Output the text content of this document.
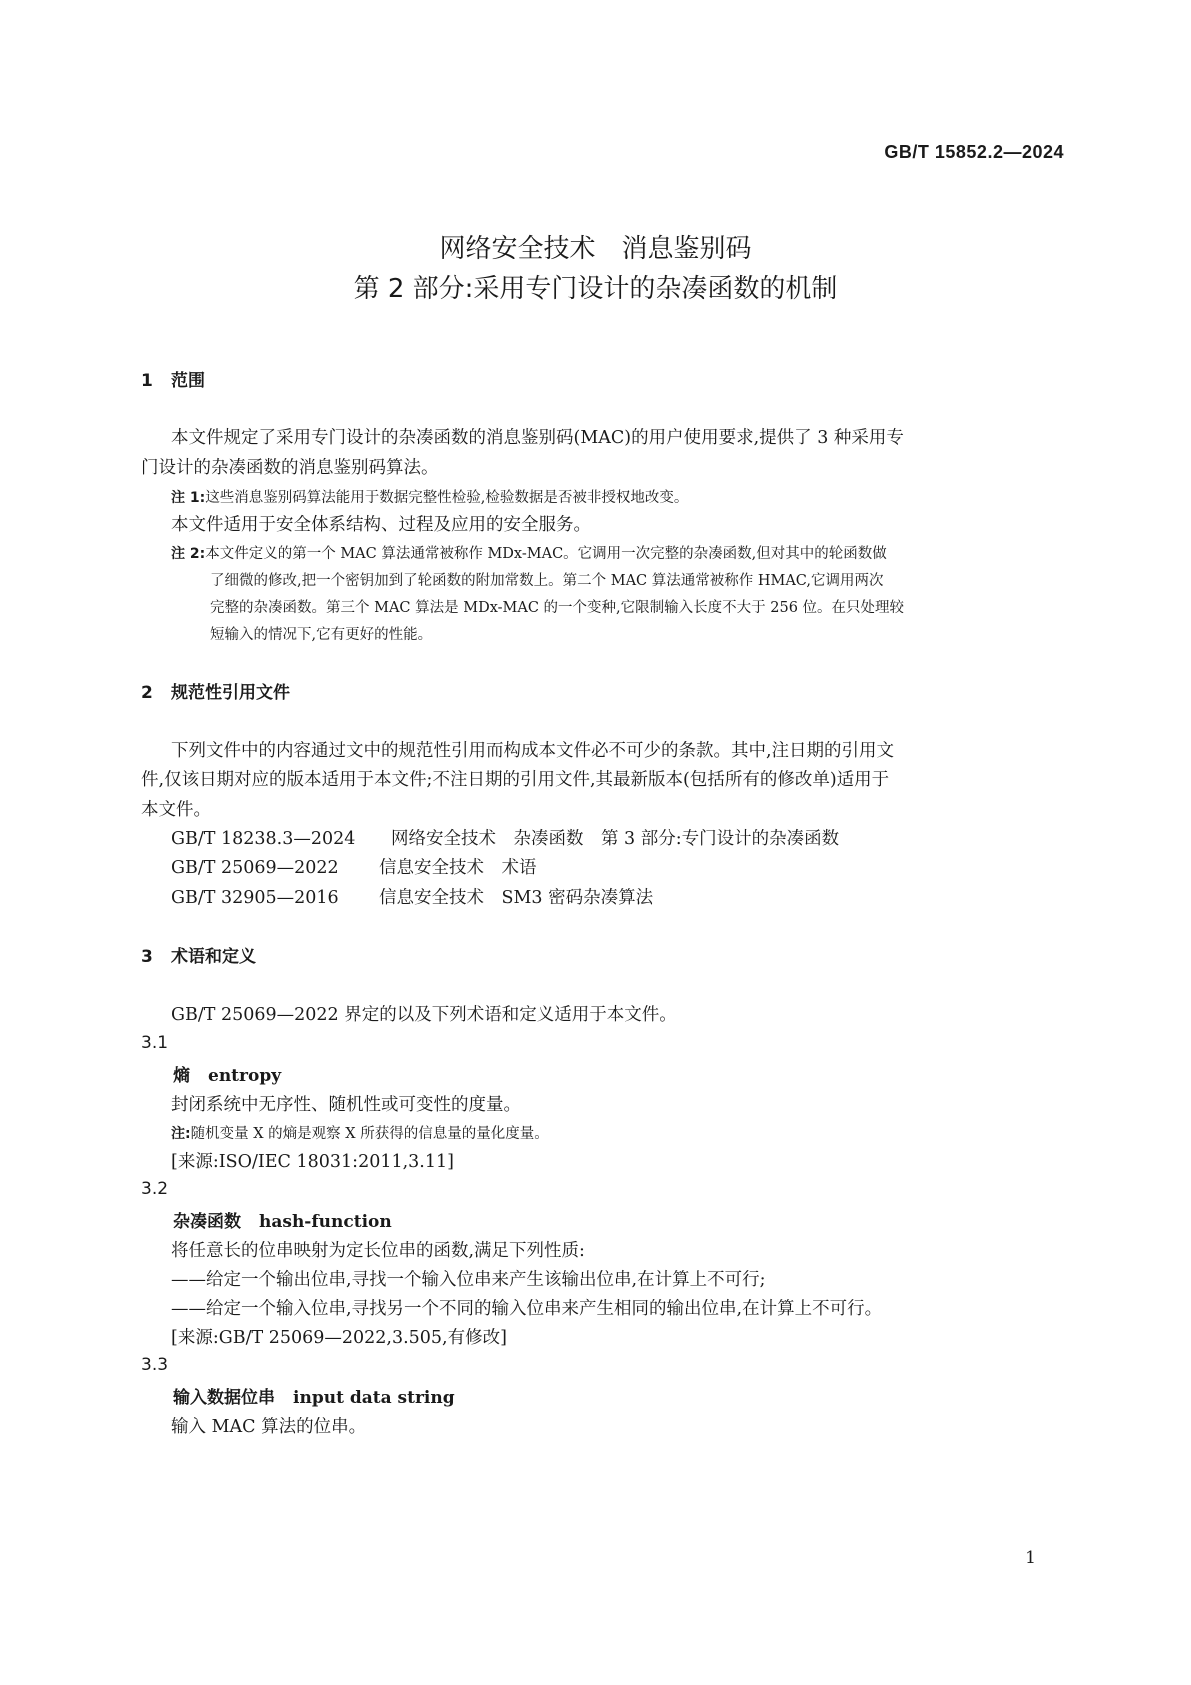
GB/T 15852.2—2024
网络安全技术　消息鉴别码
第 2 部分:采用专门设计的杂凑函数的机制
1 范围
本文件规定了采用专门设计的杂凑函数的消息鉴别码(MAC)的用户使用要求,提供了 3 种采用专
门设计的杂凑函数的消息鉴别码算法。
注 1:这些消息鉴别码算法能用于数据完整性检验,检验数据是否被非授权地改变。
本文件适用于安全体系结构、过程及应用的安全服务。
注 2:本文件定义的第一个 MAC 算法通常被称作 MDx-MAC。它调用一次完整的杂凑函数,但对其中的轮函数做
了细微的修改,把一个密钥加到了轮函数的附加常数上。第二个 MAC 算法通常被称作 HMAC,它调用两次
完整的杂凑函数。第三个 MAC 算法是 MDx-MAC 的一个变种,它限制输入长度不大于 256 位。在只处理较
短输入的情况下,它有更好的性能。
2 规范性引用文件
下列文件中的内容通过文中的规范性引用而构成本文件必不可少的条款。其中,注日期的引用文
件,仅该日期对应的版本适用于本文件;不注日期的引用文件,其最新版本(包括所有的修改单)适用于
本文件。
GB/T 18238.3—2024 网络安全技术　杂凑函数　第 3 部分:专门设计的杂凑函数
GB/T 25069—2022 信息安全技术　术语
GB/T 32905—2016 信息安全技术　SM3 密码杂凑算法
3 术语和定义
GB/T 25069—2022 界定的以及下列术语和定义适用于本文件。
3.1
熵 entropy
封闭系统中无序性、随机性或可变性的度量。
注:随机变量 X 的熵是观察 X 所获得的信息量的量化度量。
[来源:ISO/IEC 18031:2011,3.11]
3.2
杂凑函数 hash-function
将任意长的位串映射为定长位串的函数,满足下列性质:
——给定一个输出位串,寻找一个输入位串来产生该输出位串,在计算上不可行;
——给定一个输入位串,寻找另一个不同的输入位串来产生相同的输出位串,在计算上不可行。
[来源:GB/T 25069—2022,3.505,有修改]
3.3
输入数据位串 input data string
输入 MAC 算法的位串。
1
